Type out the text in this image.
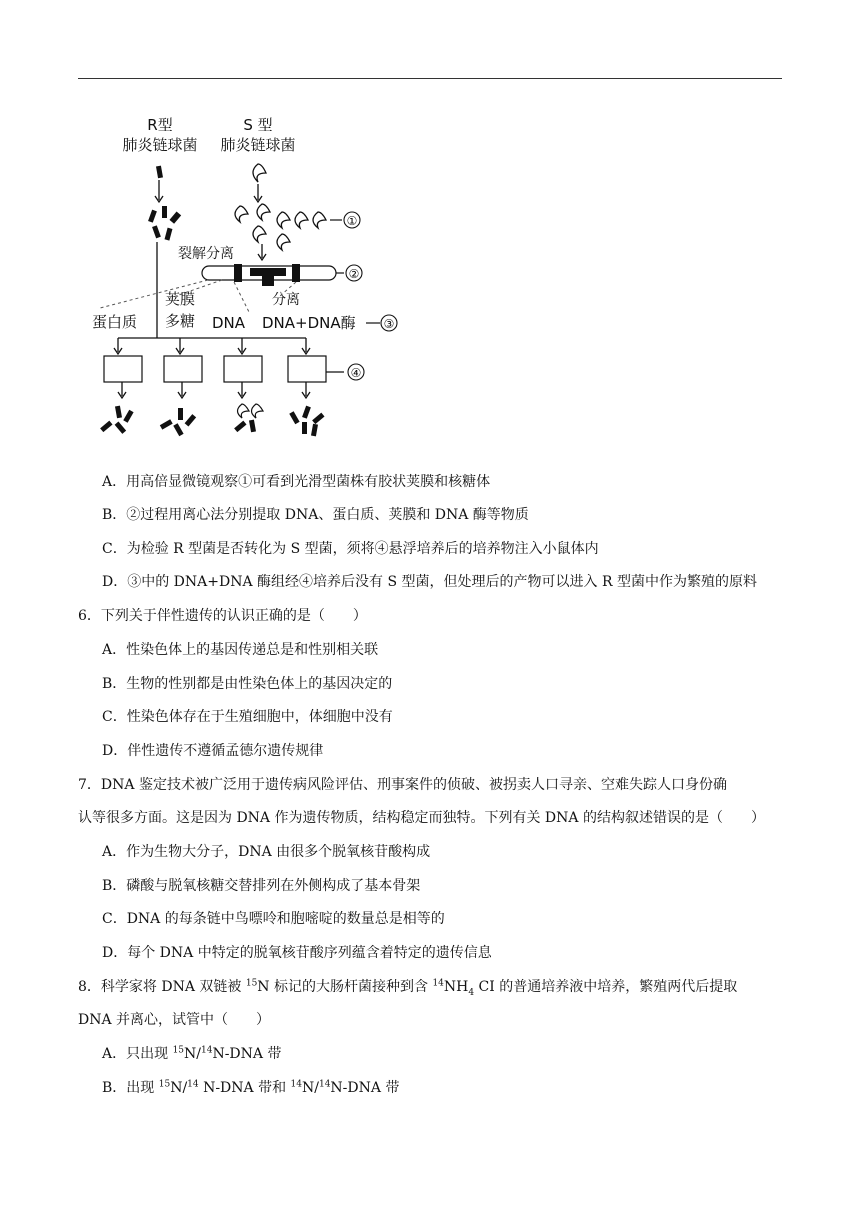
R型
肺炎链球菌
S 型
肺炎链球菌
①
裂解分离
②
分离
蛋白质
荚膜
多糖 DNA DNA+DNA酶 ③
④
A．用高倍显微镜观察①可看到光滑型菌株有胶状荚膜和核糖体
B．②过程用离心法分别提取 DNA、蛋白质、荚膜和 DNA 酶等物质
C．为检验 R 型菌是否转化为 S 型菌，须将④悬浮培养后的培养物注入小鼠体内
D．③中的 DNA+DNA 酶组经④培养后没有 S 型菌，但处理后的产物可以进入 R 型菌中作为繁殖的原料
6．下列关于伴性遗传的认识正确的是（　　）
A．性染色体上的基因传递总是和性别相关联
B．生物的性别都是由性染色体上的基因决定的
C．性染色体存在于生殖细胞中，体细胞中没有
D．伴性遗传不遵循孟德尔遗传规律
7．DNA 鉴定技术被广泛用于遗传病风险评估、刑事案件的侦破、被拐卖人口寻亲、空难失踪人口身份确
认等很多方面。这是因为 DNA 作为遗传物质，结构稳定而独特。下列有关 DNA 的结构叙述错误的是（　　）
A．作为生物大分子，DNA 由很多个脱氧核苷酸构成
B．磷酸与脱氧核糖交替排列在外侧构成了基本骨架
C．DNA 的每条链中鸟嘌呤和胞嘧啶的数量总是相等的
D．每个 DNA 中特定的脱氧核苷酸序列蕴含着特定的遗传信息
8．科学家将 DNA 双链被 $^{15}$N 标记的大肠杆菌接种到含 $^{14}NH_4$ CI 的普通培养液中培养，繁殖两代后提取
DNA 并离心，试管中（　　）
A．只出现 $^{15}$N/$^{14}$N-DNA 带
B．出现 $^{15}$N/$^{14}$ N-DNA 带和 $^{14}$N/$^{14}$N-DNA 带
